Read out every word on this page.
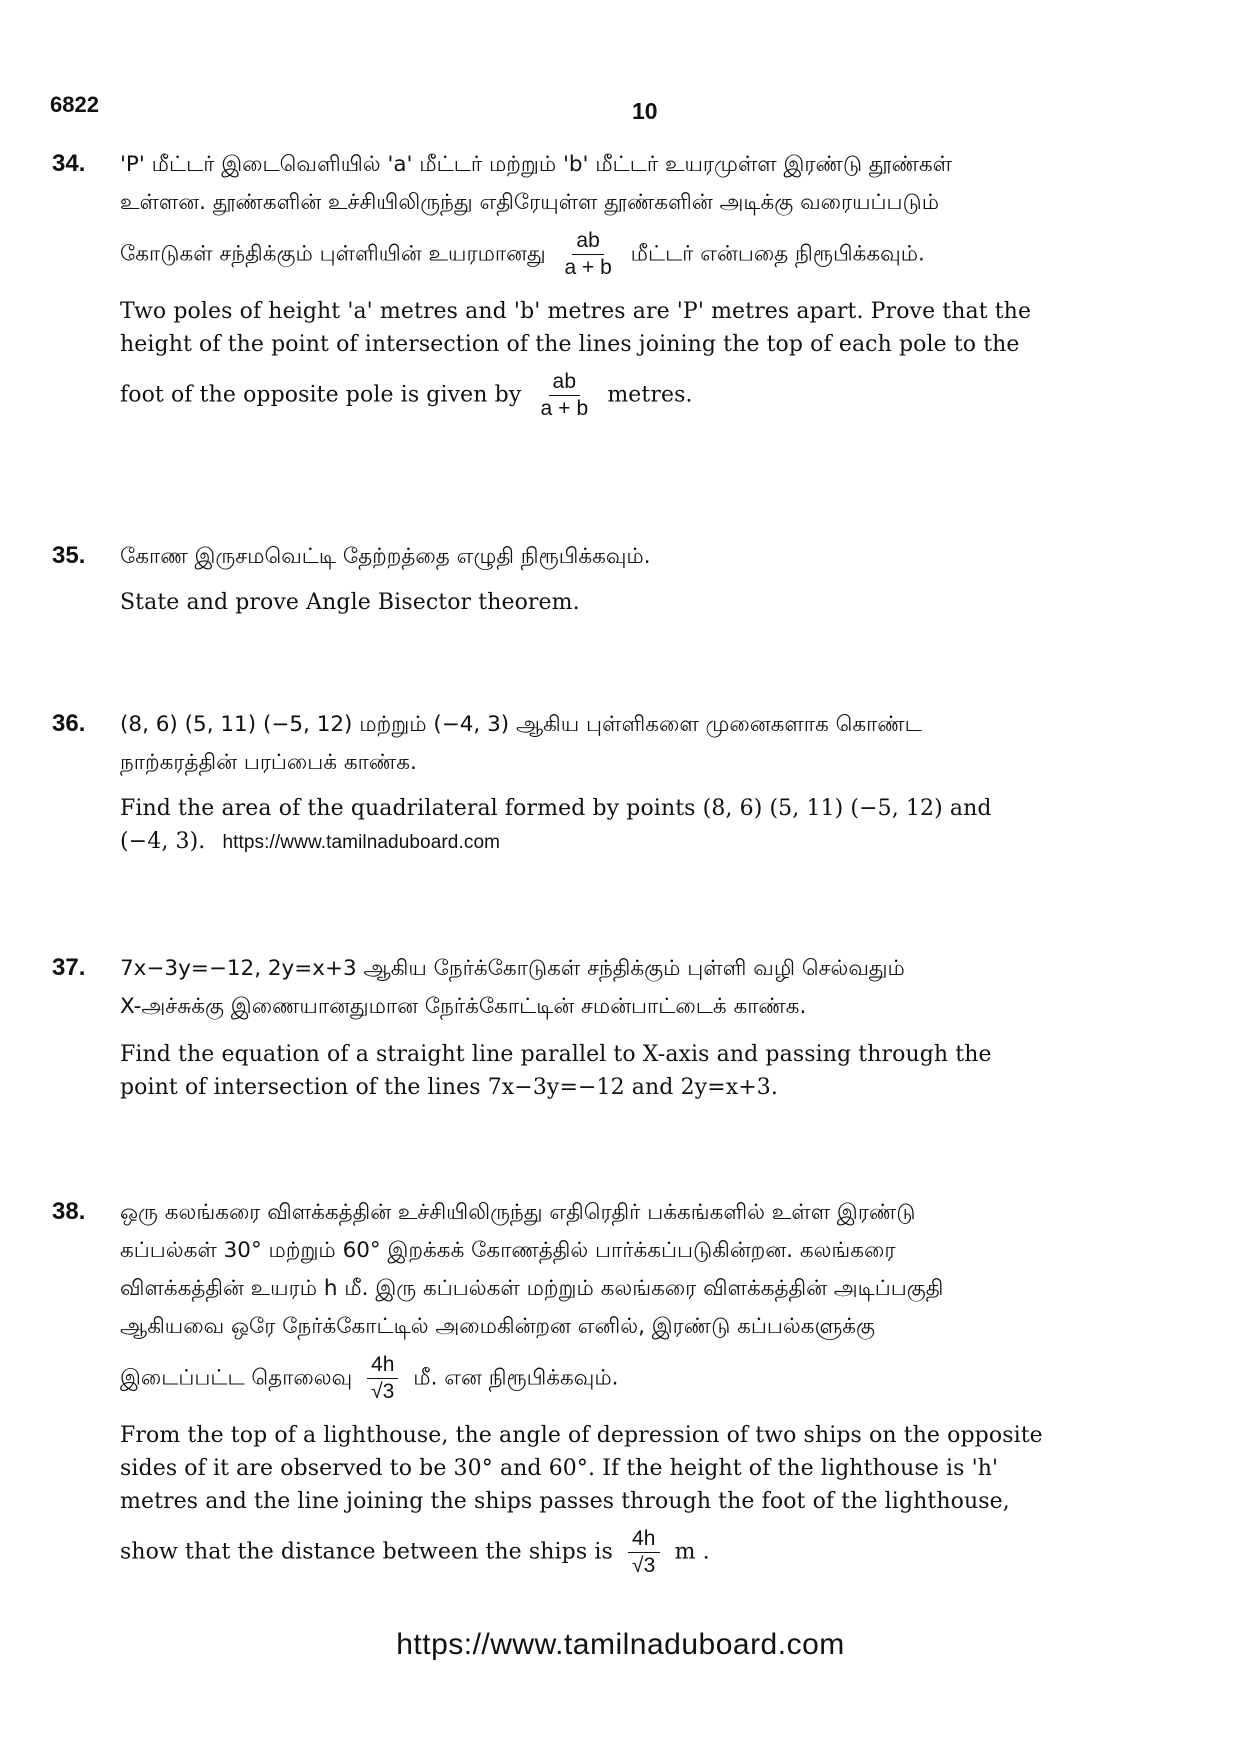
6822	10
34. 'P' மீட்டர் இடைவெளியில் 'a' மீட்டர் மற்றும் 'b' மீட்டர் உயரமுள்ள இரண்டு தூண்கள்

உள்ளன. தூண்களின் உச்சியிலிருந்து எதிரேயுள்ள தூண்களின் அடிக்கு வரையப்படும்

கோடுகள் சந்திக்கும் புள்ளியின் உயரமானது $\frac{ab}{a + b}$ மீட்டர் என்பதை நிரூபிக்கவும்.

Two poles of height 'a' metres and 'b' metres are 'P' metres apart. Prove that the

height of the point of intersection of the lines joining the top of each pole to the

foot of the opposite pole is given by $\frac{ab}{a + b}$ metres.

35. கோண இருசமவெட்டி தேற்றத்தை எழுதி நிரூபிக்கவும்.

State and prove Angle Bisector theorem.

36. (8, 6) (5, 11) (−5, 12) மற்றும் (−4, 3) ஆகிய புள்ளிகளை முனைகளாக கொண்ட

நாற்கரத்தின் பரப்பைக் காண்க.

Find the area of the quadrilateral formed by points (8, 6) (5, 11) (−5, 12) and

(−4, 3). https://www.tamilnaduboard.com

37. 7x−3y=−12, 2y=x+3 ஆகிய நேர்க்கோடுகள் சந்திக்கும் புள்ளி வழி செல்வதும்

X-அச்சுக்கு இணையானதுமான நேர்க்கோட்டின் சமன்பாட்டைக் காண்க.

Find the equation of a straight line parallel to X-axis and passing through the

point of intersection of the lines 7x−3y=−12 and 2y=x+3.

38. ஒரு கலங்கரை விளக்கத்தின் உச்சியிலிருந்து எதிரெதிர் பக்கங்களில் உள்ள இரண்டு

கப்பல்கள் 30° மற்றும் 60° இறக்கக் கோணத்தில் பார்க்கப்படுகின்றன. கலங்கரை

விளக்கத்தின் உயரம் h மீ. இரு கப்பல்கள் மற்றும் கலங்கரை விளக்கத்தின் அடிப்பகுதி

ஆகியவை ஒரே நேர்க்கோட்டில் அமைகின்றன எனில், இரண்டு கப்பல்களுக்கு

இடைப்பட்ட தொலைவு $\frac{4h}{√3}$ மீ. என நிரூபிக்கவும்.

From the top of a lighthouse, the angle of depression of two ships on the opposite

sides of it are observed to be 30° and 60°. If the height of the lighthouse is 'h'

metres and the line joining the ships passes through the foot of the lighthouse,

show that the distance between the ships is $\frac{4h}{√3}$ m .

https://www.tamilnaduboard.com
